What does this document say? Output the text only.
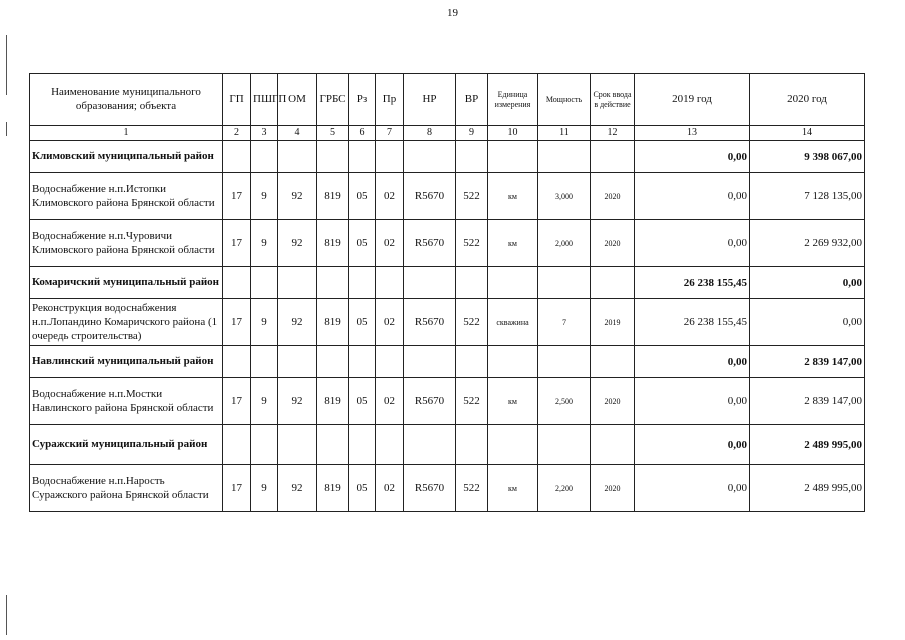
19
Наименование муниципального образования; объекта	ГП	ПШГП	ОМ	ГРБС	Рз	Пр	НР	ВР	Единица измерения	Мощность	Срок ввода в действие	2019 год	2020 год
1	2	3	4	5	6	7	8	9	10	11	12	13	14
Климовский муниципальный район												0,00	9 398 067,00
Водоснабжение н.п.Истопки Климовского района Брянской области	17	9	92	819	05	02	R5670	522	км	3,000	2020	0,00	7 128 135,00
Водоснабжение н.п.Чуровичи Климовского района Брянской области	17	9	92	819	05	02	R5670	522	км	2,000	2020	0,00	2 269 932,00
Комаричский муниципальный район												26 238 155,45	0,00
Реконструкция водоснабжения н.п.Лопандино Комаричского района (1 очередь строительства)	17	9	92	819	05	02	R5670	522	скважина	7	2019	26 238 155,45	0,00
Навлинский муниципальный район												0,00	2 839 147,00
Водоснабжение н.п.Мостки Навлинского района Брянской области	17	9	92	819	05	02	R5670	522	км	2,500	2020	0,00	2 839 147,00
Суражский муниципальный район												0,00	2 489 995,00
Водоснабжение н.п.Нарость Суражского района Брянской области	17	9	92	819	05	02	R5670	522	км	2,200	2020	0,00	2 489 995,00
